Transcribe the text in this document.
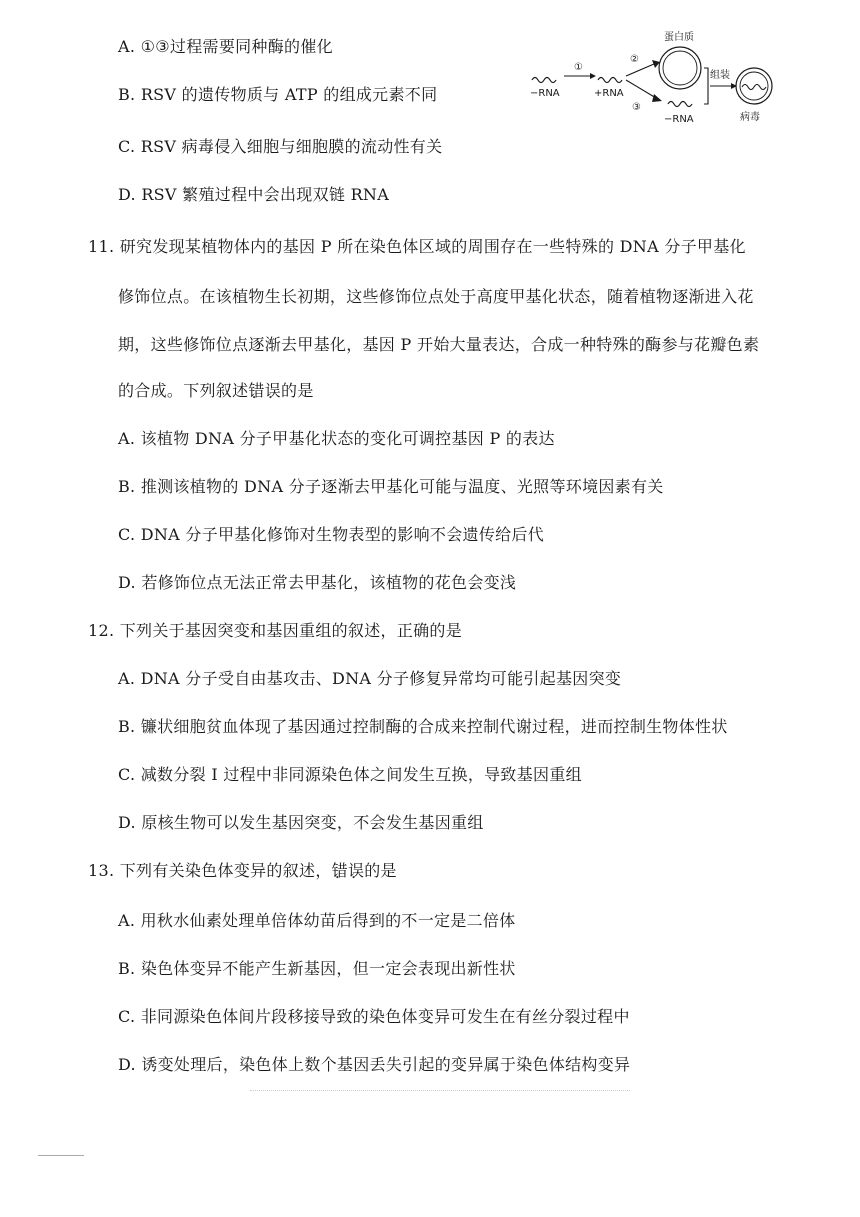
A. ①③过程需要同种酶的催化
B. RSV 的遗传物质与 ATP 的组成元素不同
C. RSV 病毒侵入细胞与细胞膜的流动性有关
D. RSV 繁殖过程中会出现双链 RNA
−RNA
①
+RNA
②
③
蛋白质
−RNA
组装
病毒
11. 研究发现某植物体内的基因 P 所在染色体区域的周围存在一些特殊的 DNA 分子甲基化
修饰位点。在该植物生长初期，这些修饰位点处于高度甲基化状态，随着植物逐渐进入花
期，这些修饰位点逐渐去甲基化，基因 P 开始大量表达，合成一种特殊的酶参与花瓣色素
的合成。下列叙述错误 • •的是
A. 该植物 DNA 分子甲基化状态的变化可调控基因 P 的表达
B. 推测该植物的 DNA 分子逐渐去甲基化可能与温度、光照等环境因素有关
C. DNA 分子甲基化修饰对生物表型的影响不会遗传给后代
D. 若修饰位点无法正常去甲基化，该植物的花色会变浅
12. 下列关于基因突变和基因重组的叙述，正确的是
A. DNA 分子受自由基攻击、DNA 分子修复异常均可能引起基因突变
B. 镰状细胞贫血体现了基因通过控制酶的合成来控制代谢过程，进而控制生物体性状
C. 减数分裂 Ⅰ 过程中非同源染色体之间发生互换，导致基因重组
D. 原核生物可以发生基因突变，不会发生基因重组
13. 下列有关染色体变异的叙述，错误 • •的是
A. 用秋水仙素处理单倍体幼苗后得到的不一定是二倍体
B. 染色体变异不能产生新基因，但一定会表现出新性状
C. 非同源染色体间片段移接导致的染色体变异可发生在有丝分裂过程中
D. 诱变处理后，染色体上数个基因丢失引起的变异属于染色体结构变异
